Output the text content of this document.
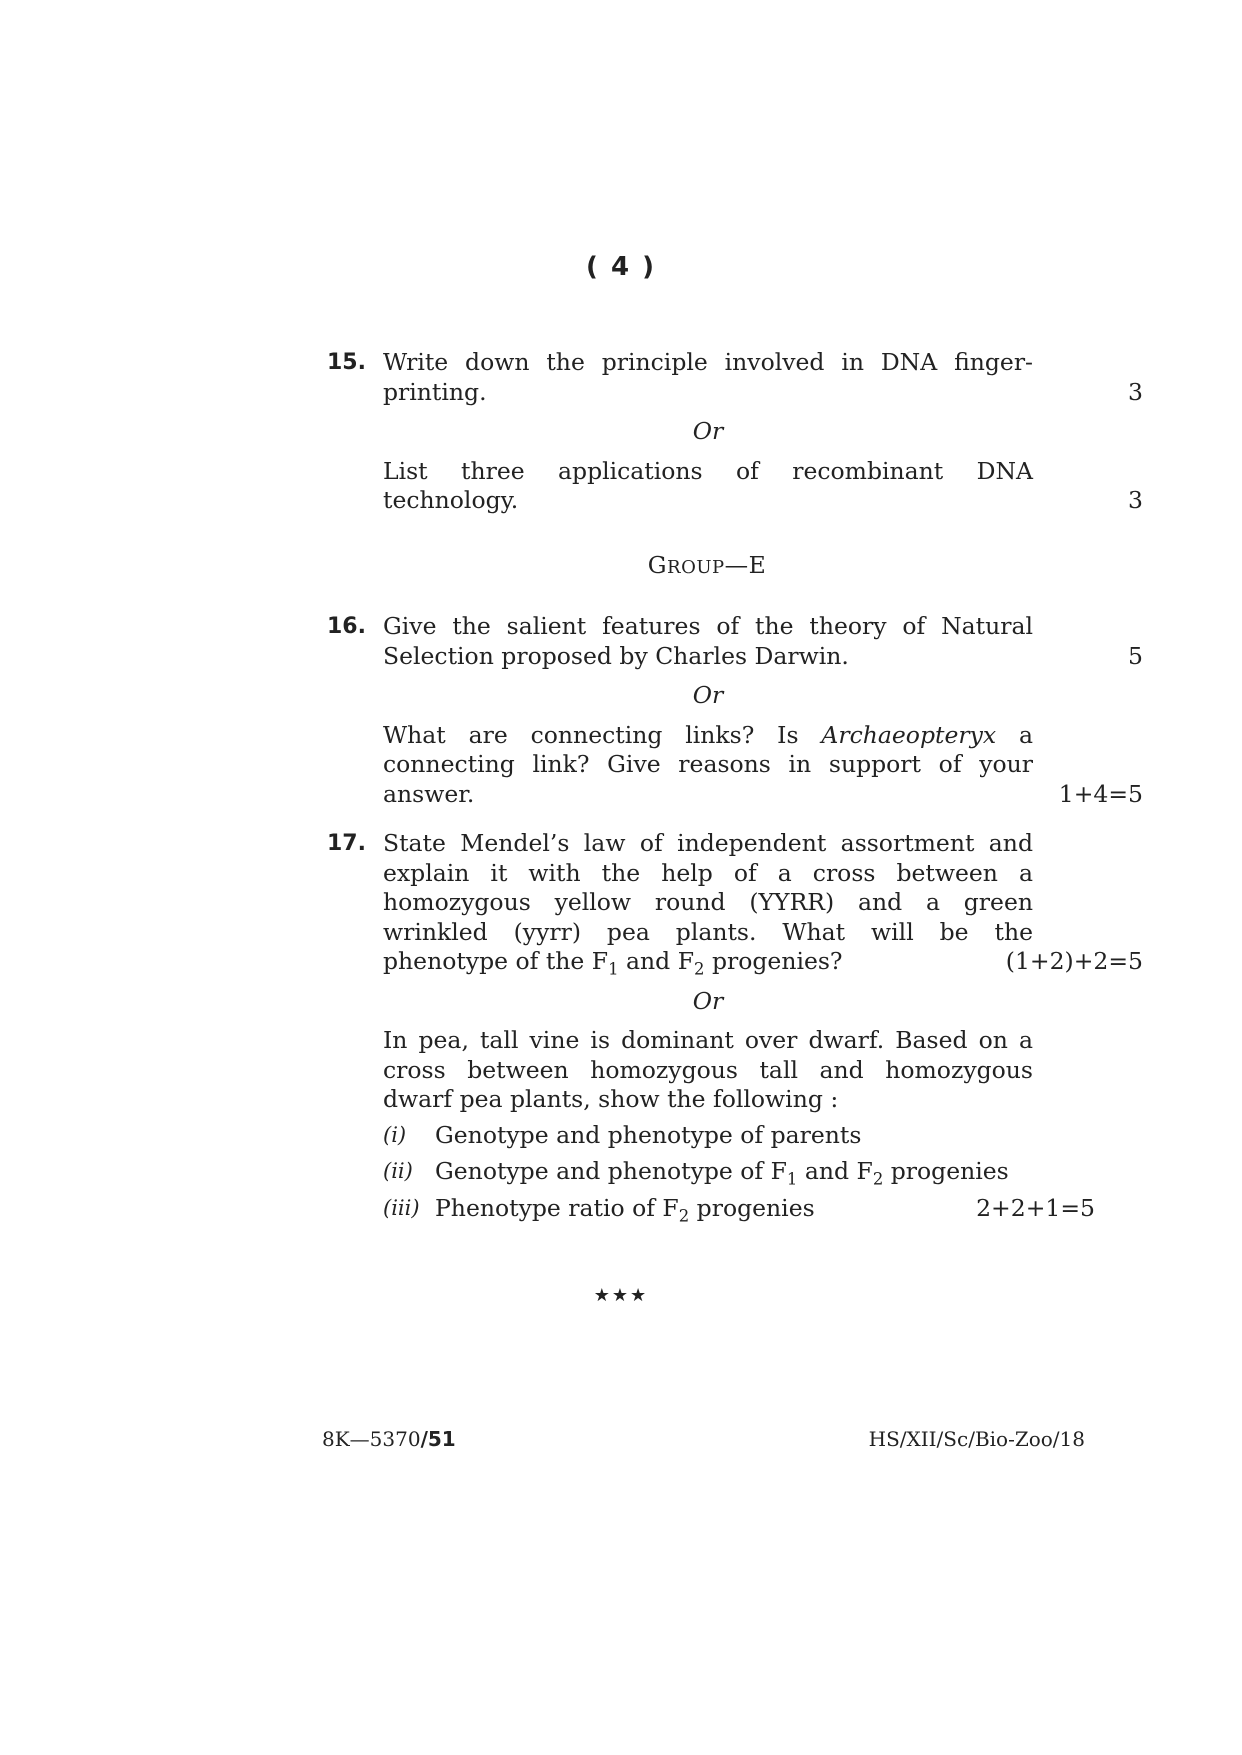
( 4 )
15. Write down the principle involved in DNA finger-printing.	3
Or
List three applications of recombinant DNA technology.	3
GROUP—E
16. Give the salient features of the theory of Natural Selection proposed by Charles Darwin.	5
Or
What are connecting links? Is Archaeopteryx a connecting link? Give reasons in support of your answer.	1+4=5
17. State Mendel’s law of independent assortment and explain it with the help of a cross between a homozygous yellow round (YYRR) and a green wrinkled (yyrr) pea plants. What will be the phenotype of the $F_1$ and $F_2$ progenies?	(1+2)+2=5
Or
In pea, tall vine is dominant over dwarf. Based on a cross between homozygous tall and homozygous dwarf pea plants, show the following :
(i) Genotype and phenotype of parents
(ii) Genotype and phenotype of $F_1$ and $F_2$ progenies
(iii) Phenotype ratio of $F_2$ progenies	2+2+1=5
★★★
8K—5370/51	HS/XII/Sc/Bio-Zoo/18
